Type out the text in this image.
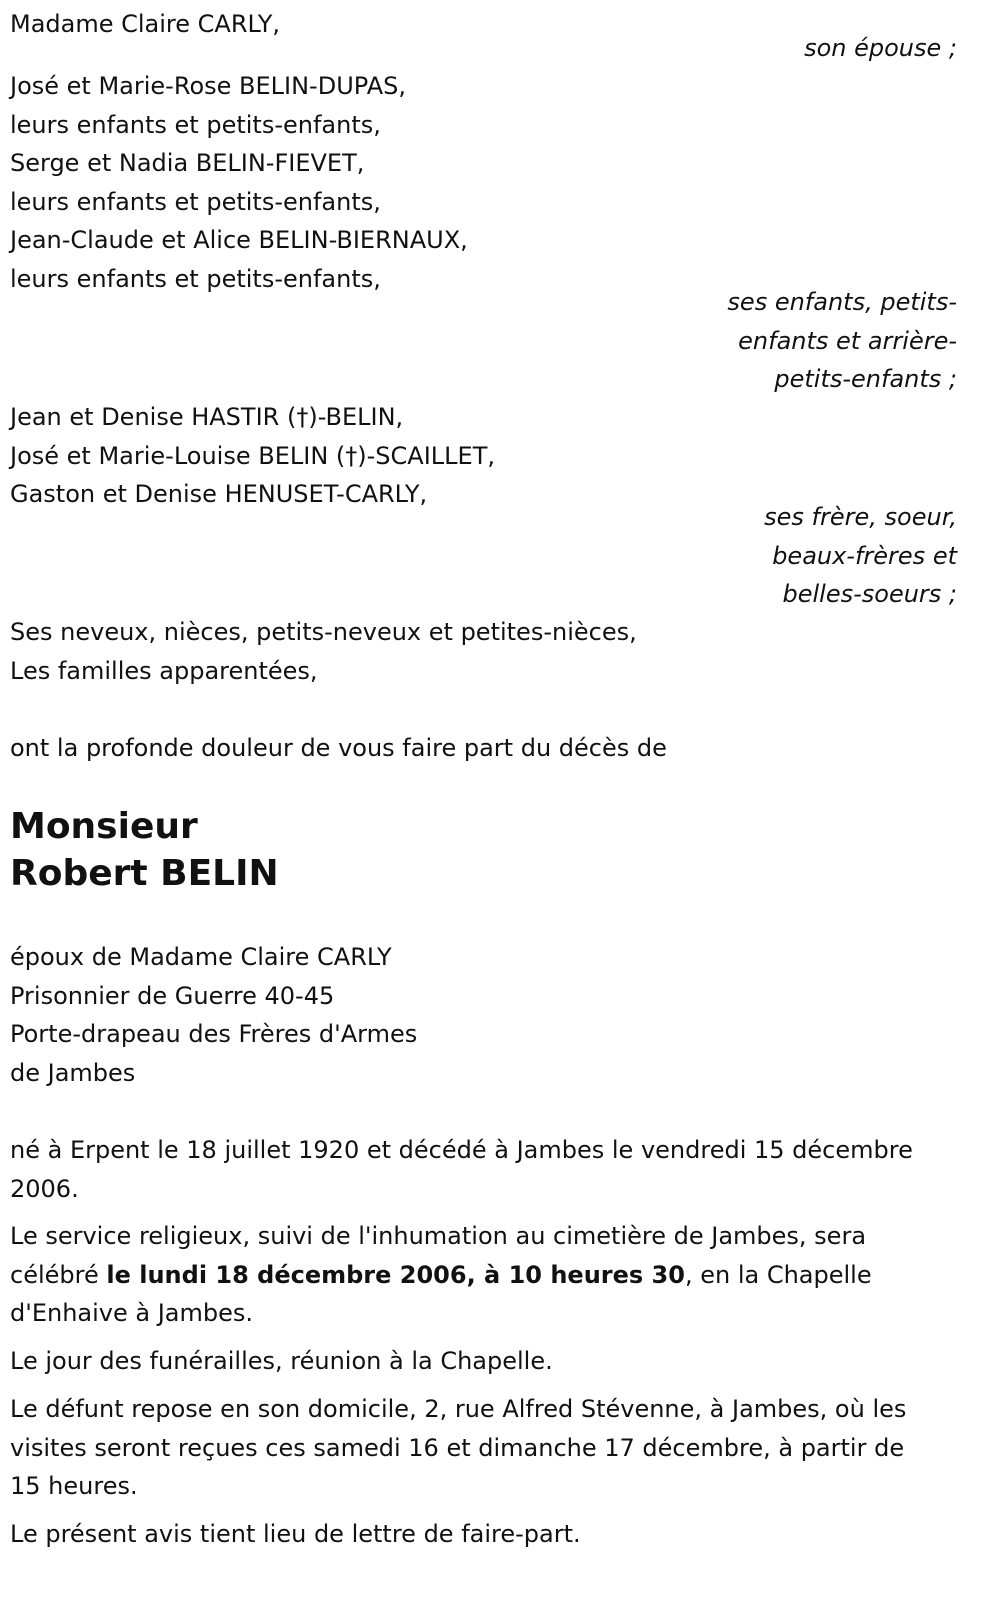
Madame Claire CARLY,
son épouse ;
José et Marie-Rose BELIN-DUPAS,
leurs enfants et petits-enfants,
Serge et Nadia BELIN-FIEVET,
leurs enfants et petits-enfants,
Jean-Claude et Alice BELIN-BIERNAUX,
leurs enfants et petits-enfants,
ses enfants, petits-
enfants et arrière-
petits-enfants ;
Jean et Denise HASTIR (†)-BELIN,
José et Marie-Louise BELIN (†)-SCAILLET,
Gaston et Denise HENUSET-CARLY,
ses frère, soeur,
beaux-frères et
belles-soeurs ;
Ses neveux, nièces, petits-neveux et petites-nièces,
Les familles apparentées,
ont la profonde douleur de vous faire part du décès de
Monsieur
Robert BELIN
époux de Madame Claire CARLY
Prisonnier de Guerre 40-45
Porte-drapeau des Frères d'Armes
de Jambes
né à Erpent le 18 juillet 1920 et décédé à Jambes le vendredi 15 décembre 2006.
Le service religieux, suivi de l'inhumation au cimetière de Jambes, sera célébré le lundi 18 décembre 2006, à 10 heures 30, en la Chapelle d'Enhaive à Jambes.
Le jour des funérailles, réunion à la Chapelle.
Le défunt repose en son domicile, 2, rue Alfred Stévenne, à Jambes, où les visites seront reçues ces samedi 16 et dimanche 17 décembre, à partir de 15 heures.
Le présent avis tient lieu de lettre de faire-part.
